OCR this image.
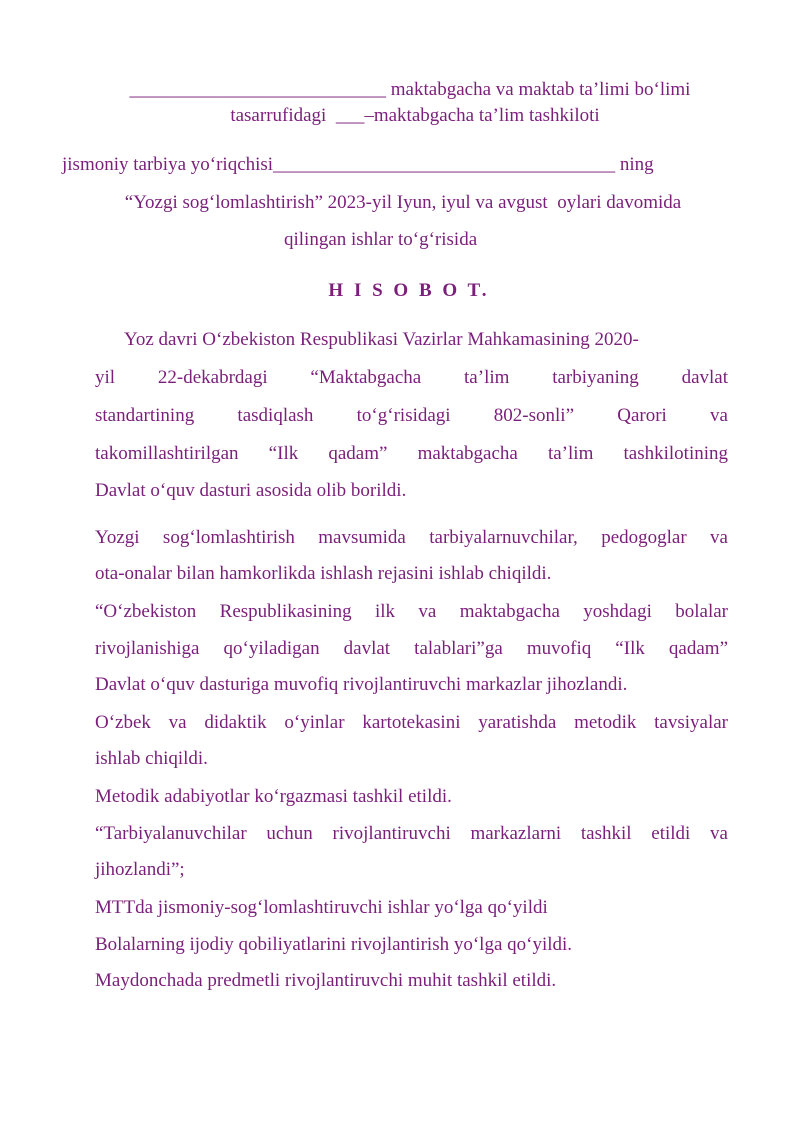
___________________________ maktabgacha va maktab taʼlimi boʻlimi
tasarrufidagi  ___–maktabgacha taʼlim tashkiloti
jismoniy tarbiya yoʻriqchisi____________________________________ ning
“Yozgi sogʻlomlashtirish” 2023-yil Iyun, iyul va avgust  oylari davomida
qilingan ishlar toʻgʻrisida
H I S O B O T.
Yoz davri Oʻzbekiston Respublikasi Vazirlar Mahkamasining 2020-
yil 22-dekabrdagi “Maktabgacha taʼlim tarbiyaning davlat
standartining tasdiqlash toʻgʻrisidagi 802-sonli” Qarori va
takomillashtirilgan “Ilk qadam” maktabgacha taʼlim tashkilotining
Davlat oʻquv dasturi asosida olib borildi.
Yozgi sogʻlomlashtirish mavsumida tarbiyalarnuvchilar, pedogoglar va
ota-onalar bilan hamkorlikda ishlash rejasini ishlab chiqildi.
“Oʻzbekiston Respublikasining ilk va maktabgacha yoshdagi bolalar
rivojlanishiga qoʻyiladigan davlat talablari”ga muvofiq “Ilk qadam”
Davlat oʻquv dasturiga muvofiq rivojlantiruvchi markazlar jihozlandi.
Oʻzbek va didaktik oʻyinlar kartotekasini yaratishda metodik tavsiyalar
ishlab chiqildi.
Metodik adabiyotlar koʻrgazmasi tashkil etildi.
“Tarbiyalanuvchilar uchun rivojlantiruvchi markazlarni tashkil etildi va
jihozlandi”;
MTTda jismoniy-sogʻlomlashtiruvchi ishlar yoʻlga qoʻyildi
Bolalarning ijodiy qobiliyatlarini rivojlantirish yoʻlga qoʻyildi.
Maydonchada predmetli rivojlantiruvchi muhit tashkil etildi.
